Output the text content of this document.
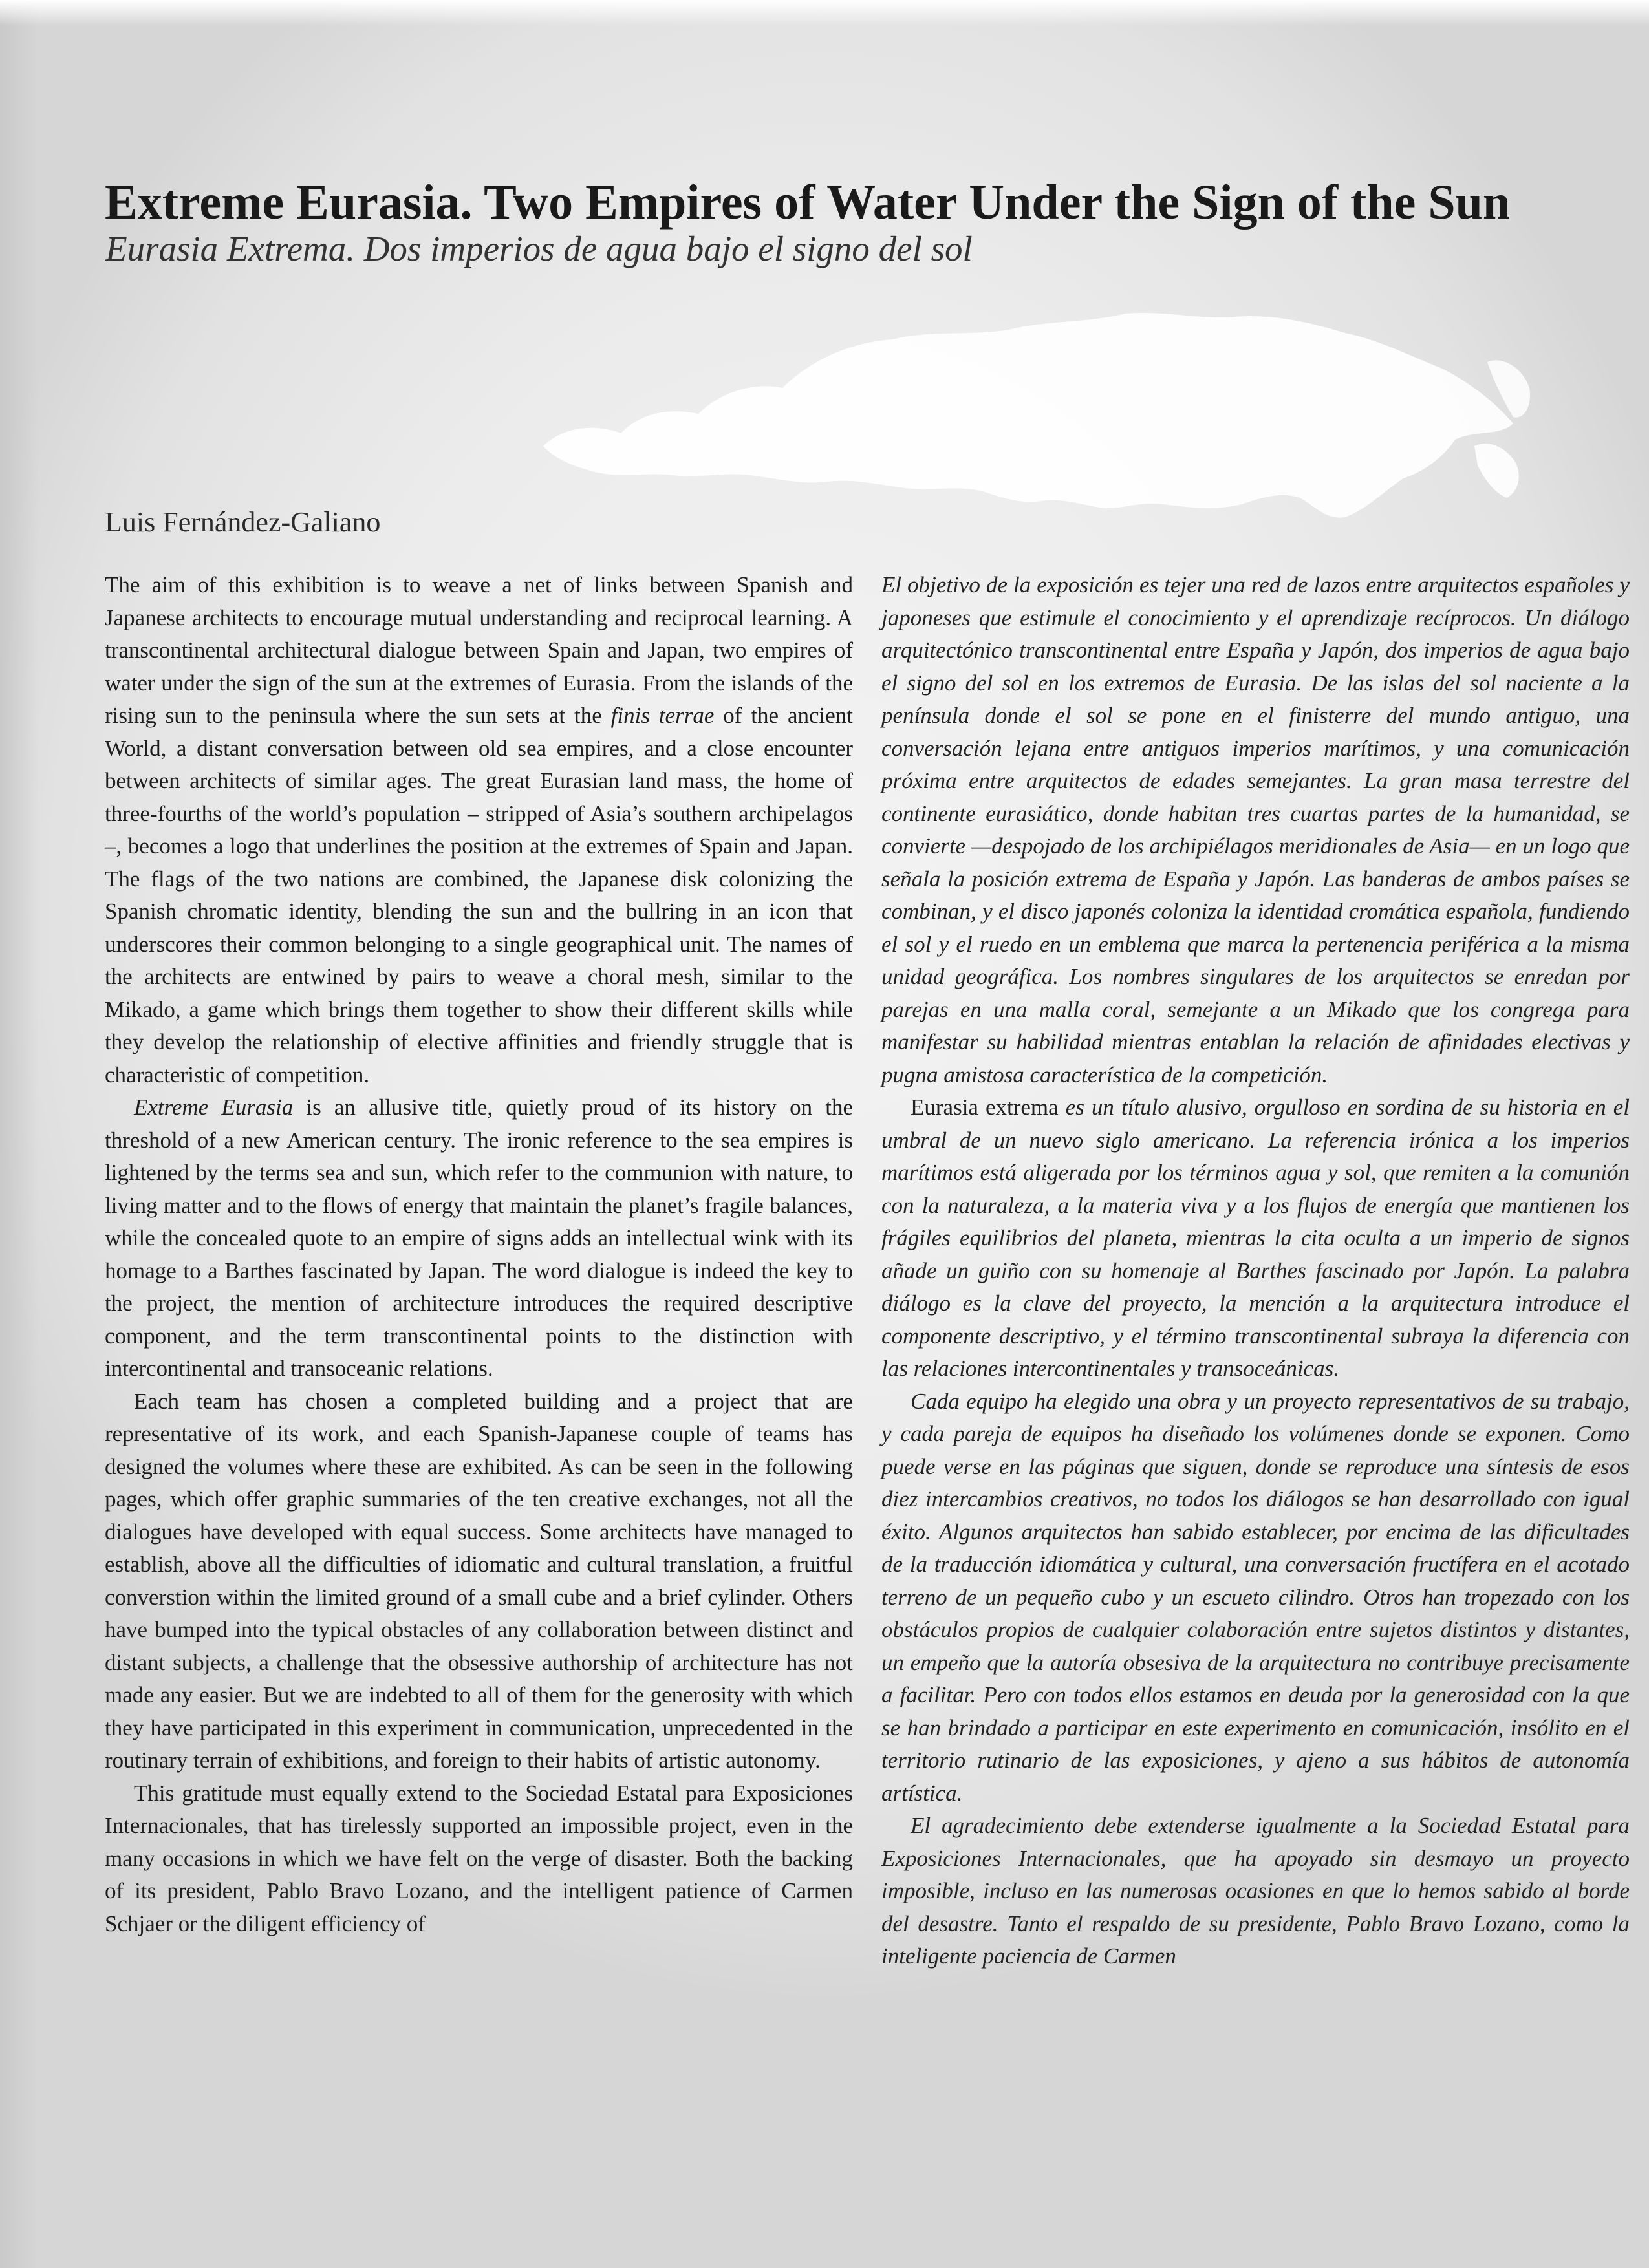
Extreme Eurasia. Two Empires of Water Under the Sign of the Sun
Eurasia Extrema. Dos imperios de agua bajo el signo del sol
Luis Fernández-Galiano

The aim of this exhibition is to weave a net of links between Spanish and Japanese architects to encourage mutual understanding and reciprocal learning. A transcontinental architectural dialogue between Spain and Japan, two empires of water under the sign of the sun at the extremes of Eurasia. From the islands of the rising sun to the peninsula where the sun sets at the finis terrae of the ancient World, a distant conversation between old sea empires, and a close encounter between architects of similar ages. The great Eurasian land mass, the home of three-fourths of the world’s population – stripped of Asia’s southern archipelagos –, becomes a logo that underlines the position at the extremes of Spain and Japan. The flags of the two nations are combined, the Japanese disk colonizing the Spanish chromatic identity, blending the sun and the bullring in an icon that underscores their common belonging to a single geographical unit. The names of the architects are entwined by pairs to weave a choral mesh, similar to the Mikado, a game which brings them together to show their different skills while they develop the relationship of elective affinities and friendly struggle that is characteristic of competition.

Extreme Eurasia is an allusive title, quietly proud of its history on the threshold of a new American century. The ironic reference to the sea empires is lightened by the terms sea and sun, which refer to the communion with nature, to living matter and to the flows of energy that maintain the planet’s fragile balances, while the concealed quote to an empire of signs adds an intellectual wink with its homage to a Barthes fascinated by Japan. The word dialogue is indeed the key to the project, the mention of architecture introduces the required descriptive component, and the term transcontinental points to the distinction with intercontinental and transoceanic relations.

Each team has chosen a completed building and a project that are representative of its work, and each Spanish-Japanese couple of teams has designed the volumes where these are exhibited. As can be seen in the following pages, which offer graphic summaries of the ten creative exchanges, not all the dialogues have developed with equal success. Some architects have managed to establish, above all the difficulties of idiomatic and cultural translation, a fruitful converstion within the limited ground of a small cube and a brief cylinder. Others have bumped into the typical obstacles of any collaboration between distinct and distant subjects, a challenge that the obsessive authorship of architecture has not made any easier. But we are indebted to all of them for the generosity with which they have participated in this experiment in communication, unprecedented in the routinary terrain of exhibitions, and foreign to their habits of artistic autonomy.

This gratitude must equally extend to the Sociedad Estatal para Exposiciones Internacionales, that has tirelessly supported an impossible project, even in the many occasions in which we have felt on the verge of disaster. Both the backing of its president, Pablo Bravo Lozano, and the intelligent patience of Carmen Schjaer or the diligent efficiency of

El objetivo de la exposición es tejer una red de lazos entre arquitectos españoles y japoneses que estimule el conocimiento y el aprendizaje recíprocos. Un diálogo arquitectónico transcontinental entre España y Japón, dos imperios de agua bajo el signo del sol en los extremos de Eurasia. De las islas del sol naciente a la península donde el sol se pone en el finisterre del mundo antiguo, una conversación lejana entre antiguos imperios marítimos, y una comunicación próxima entre arquitectos de edades semejantes. La gran masa terrestre del continente eurasiático, donde habitan tres cuartas partes de la humanidad, se convierte —despojado de los archipiélagos meridionales de Asia— en un logo que señala la posición extrema de España y Japón. Las banderas de ambos países se combinan, y el disco japonés coloniza la identidad cromática española, fundiendo el sol y el ruedo en un emblema que marca la pertenencia periférica a la misma unidad geográfica. Los nombres singulares de los arquitectos se enredan por parejas en una malla coral, semejante a un Mikado que los congrega para manifestar su habilidad mientras entablan la relación de afinidades electivas y pugna amistosa característica de la competición.

Eurasia extrema es un título alusivo, orgulloso en sordina de su historia en el umbral de un nuevo siglo americano. La referencia irónica a los imperios marítimos está aligerada por los términos agua y sol, que remiten a la comunión con la naturaleza, a la materia viva y a los flujos de energía que mantienen los frágiles equilibrios del planeta, mientras la cita oculta a un imperio de signos añade un guiño con su homenaje al Barthes fascinado por Japón. La palabra diálogo es la clave del proyecto, la mención a la arquitectura introduce el componente descriptivo, y el término transcontinental subraya la diferencia con las relaciones intercontinentales y transoceánicas.

Cada equipo ha elegido una obra y un proyecto representativos de su trabajo, y cada pareja de equipos ha diseñado los volúmenes donde se exponen. Como puede verse en las páginas que siguen, donde se reproduce una síntesis de esos diez intercambios creativos, no todos los diálogos se han desarrollado con igual éxito. Algunos arquitectos han sabido establecer, por encima de las dificultades de la traducción idiomática y cultural, una conversación fructífera en el acotado terreno de un pequeño cubo y un escueto cilindro. Otros han tropezado con los obstáculos propios de cualquier colaboración entre sujetos distintos y distantes, un empeño que la autoría obsesiva de la arquitectura no contribuye precisamente a facilitar. Pero con todos ellos estamos en deuda por la generosidad con la que se han brindado a participar en este experimento en comunicación, insólito en el territorio rutinario de las exposiciones, y ajeno a sus hábitos de autonomía artística.

El agradecimiento debe extenderse igualmente a la Sociedad Estatal para Exposiciones Internacionales, que ha apoyado sin desmayo un proyecto imposible, incluso en las numerosas ocasiones en que lo hemos sabido al borde del desastre. Tanto el respaldo de su presidente, Pablo Bravo Lozano, como la inteligente paciencia de Carmen
